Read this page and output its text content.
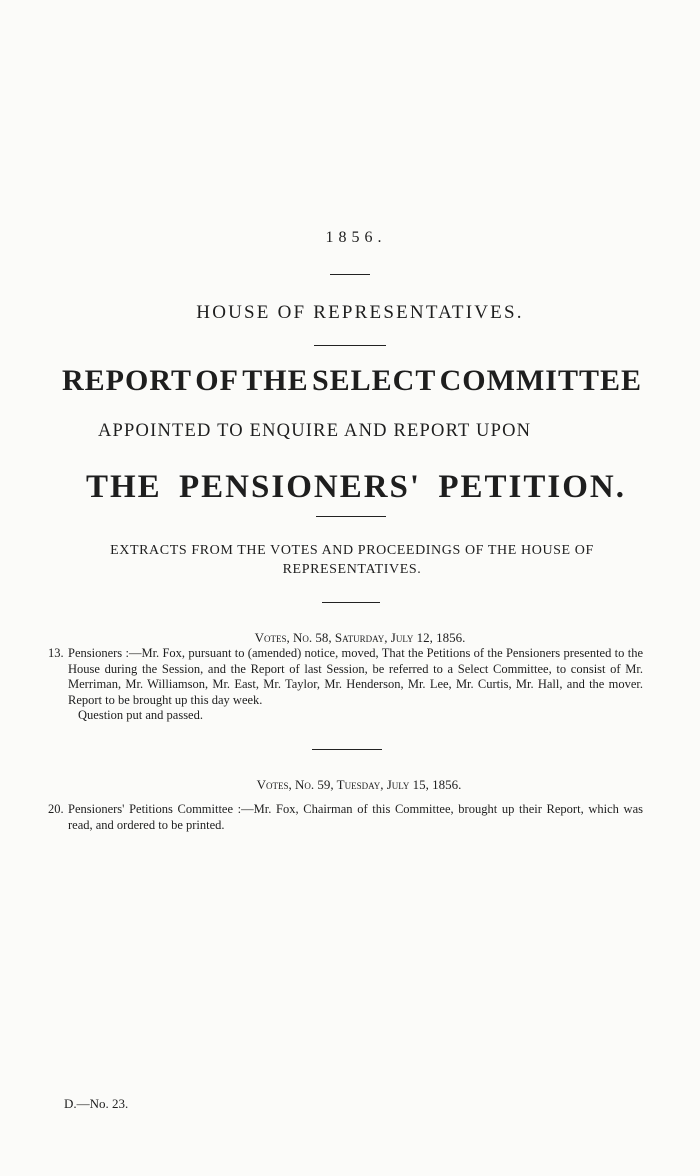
1856.
HOUSE OF REPRESENTATIVES.
REPORT OF THE SELECT COMMITTEE
APPOINTED TO ENQUIRE AND REPORT UPON
THE PENSIONERS' PETITION.
EXTRACTS FROM THE VOTES AND PROCEEDINGS OF THE HOUSE OF REPRESENTATIVES.
Votes, No. 58, Saturday, July 12, 1856.
13. Pensioners :—Mr. Fox, pursuant to (amended) notice, moved, That the Petitions of the Pensioners presented to the House during the Session, and the Report of last Session, be referred to a Select Committee, to consist of Mr. Merriman, Mr. Williamson, Mr. East, Mr. Taylor, Mr. Henderson, Mr. Lee, Mr. Curtis, Mr. Hall, and the mover. Report to be brought up this day week.
Question put and passed.
Votes, No. 59, Tuesday, July 15, 1856.
20. Pensioners' Petitions Committee :—Mr. Fox, Chairman of this Committee, brought up their Report, which was read, and ordered to be printed.
D.—No. 23.
